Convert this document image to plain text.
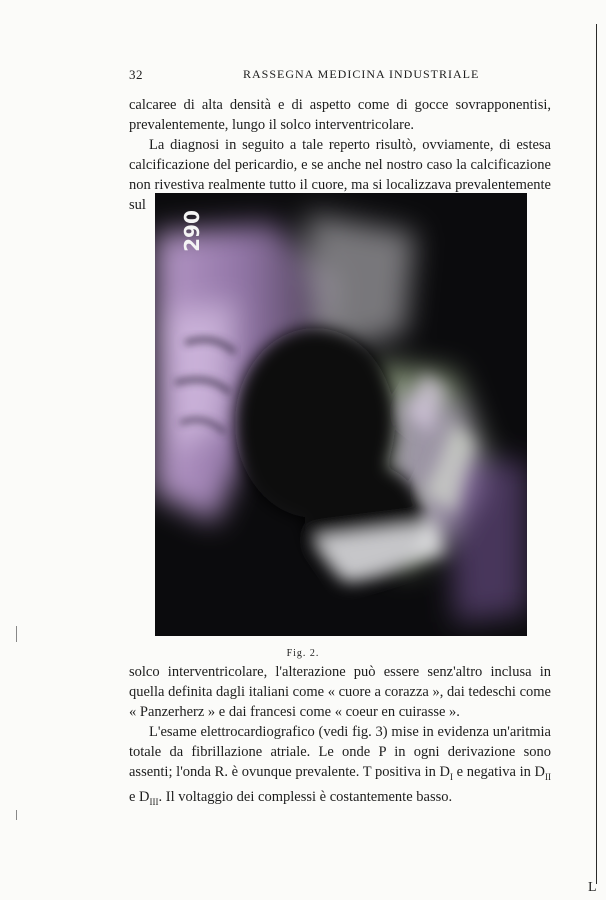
L
32	RASSEGNA MEDICINA INDUSTRIALE

calcaree di alta densità e di aspetto come di gocce sovrapponentisi, prevalentemente, lungo il solco interventricolare.

La diagnosi in seguito a tale reperto risultò, ovviamente, di estesa calcificazione del pericardio, e se anche nel nostro caso la calcificazione non rivestiva realmente tutto il cuore, ma si localizzava prevalentemente sul

290
Fig. 2.

solco interventricolare, l'alterazione può essere senz'altro inclusa in quella definita dagli italiani come « cuore a corazza », dai tedeschi come « Panzerherz » e dai francesi come « coeur en cuirasse ».

L'esame elettrocardiografico (vedi fig. 3) mise in evidenza un'aritmia totale da fibrillazione atriale. Le onde P in ogni derivazione sono assenti; l'onda R. è ovunque prevalente. T positiva in $D_I$ e negativa in $D_{II}$ e $D_{III}$. Il voltaggio dei complessi è costantemente basso.
